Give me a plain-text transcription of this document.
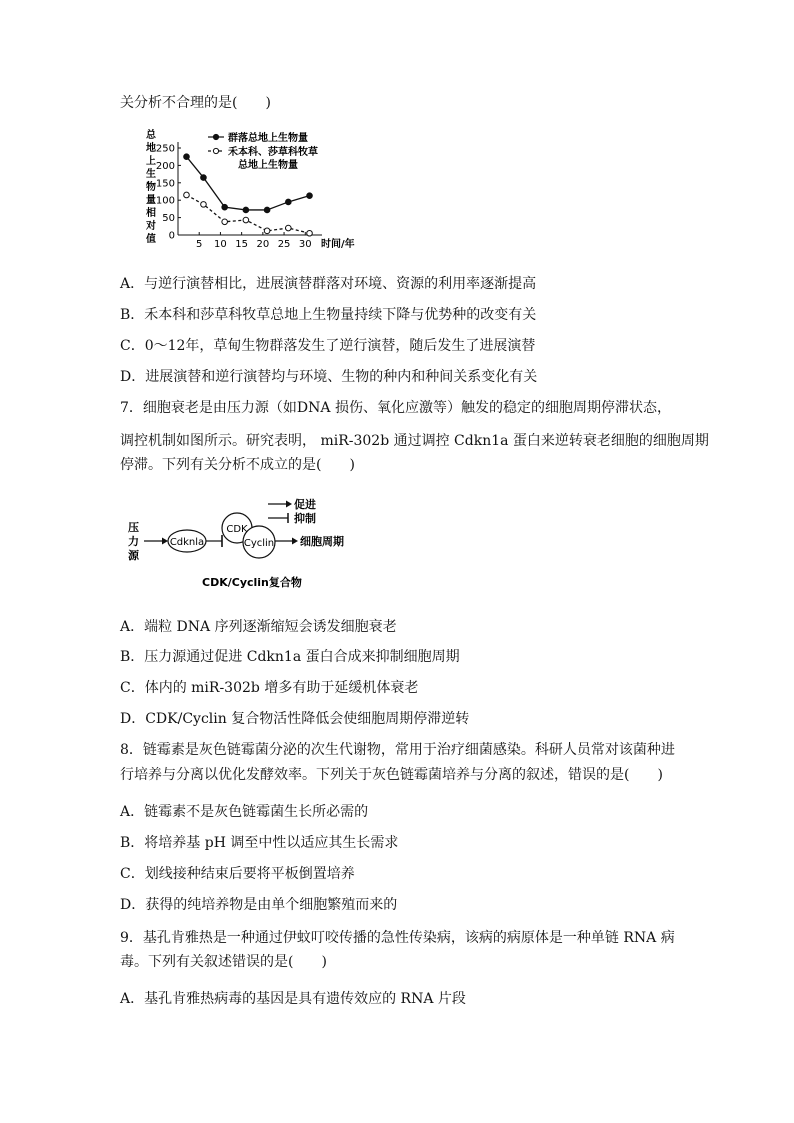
关分析不合理的是(　　)
总
地
上
生
物
量
相
对
值 0
50
100
150
200
250
5 10 15 20 25 30 时间/年
群落总地上生物量
禾本科、莎草科牧草
总地上生物量
A．与逆行演替相比，进展演替群落对环境、资源的利用率逐渐提高
B．禾本科和莎草科牧草总地上生物量持续下降与优势种的改变有关
C．0～12年，草甸生物群落发生了逆行演替，随后发生了进展演替
D．进展演替和逆行演替均与环境、生物的种内和种间关系变化有关
7．细胞衰老是由压力源（如DNA 损伤、氧化应激等）触发的稳定的细胞周期停滞状态，
调控机制如图所示。研究表明， miR-302b 通过调控 Cdkn1a 蛋白来逆转衰老细胞的细胞周期
停滞。下列有关分析不成立的是(　　)
促进
抑制
压
力
源
Cdknla
CDK
Cyclin 细胞周期
CDK/Cyclin复合物
A．端粒 DNA 序列逐渐缩短会诱发细胞衰老
B．压力源通过促进 Cdkn1a 蛋白合成来抑制细胞周期
C．体内的 miR-302b 增多有助于延缓机体衰老
D．CDK/Cyclin 复合物活性降低会使细胞周期停滞逆转
8．链霉素是灰色链霉菌分泌的次生代谢物，常用于治疗细菌感染。科研人员常对该菌种进
行培养与分离以优化发酵效率。下列关于灰色链霉菌培养与分离的叙述，错误的是(　　)
A．链霉素不是灰色链霉菌生长所必需的
B．将培养基 pH 调至中性以适应其生长需求
C．划线接种结束后要将平板倒置培养
D．获得的纯培养物是由单个细胞繁殖而来的
9．基孔肯雅热是一种通过伊蚊叮咬传播的急性传染病，该病的病原体是一种单链 RNA 病
毒。下列有关叙述错误的是(　　)
A．基孔肯雅热病毒的基因是具有遗传效应的 RNA 片段
